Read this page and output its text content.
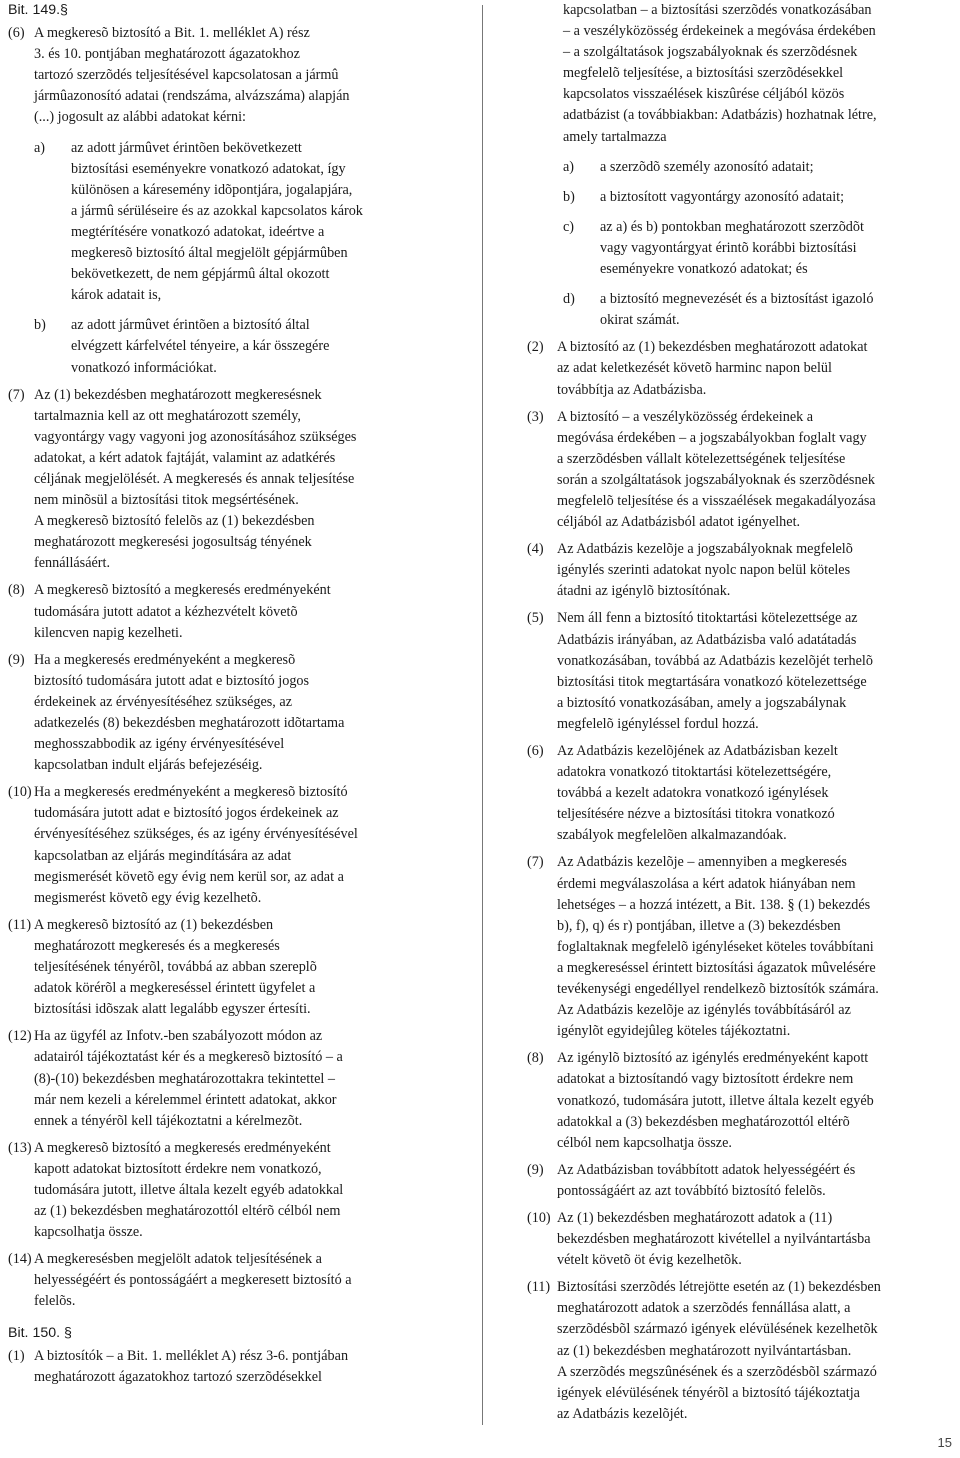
Bit. 149.§
(6) A megkeresõ biztosító a Bit. 1. melléklet A) rész
3. és 10. pontjában meghatározott ágazatokhoz
tartozó szerzõdés teljesítésével kapcsolatosan a jármû
jármûazonosító adatai (rendszáma, alvázszáma) alapján
(...) jogosult az alábbi adatokat kérni:
a)	az adott jármûvet érintõen bekövetkezett
biztosítási eseményekre vonatkozó adatokat, így
különösen a káresemény idõpontjára, jogalapjára,
a jármû sérüléseire és az azokkal kapcsolatos károk
megtérítésére vonatkozó adatokat, ideértve a
megkeresõ biztosító által megjelölt gépjármûben
bekövetkezett, de nem gépjármû által okozott
károk adatait is,
b)	az adott jármûvet érintõen a biztosító által
elvégzett kárfelvétel tényeire, a kár összegére
vonatkozó információkat.
(7) Az (1) bekezdésben meghatározott megkeresésnek
tartalmaznia kell az ott meghatározott személy,
vagyontárgy vagy vagyoni jog azonosításához szükséges
adatokat, a kért adatok fajtáját, valamint az adatkérés
céljának megjelölését. A megkeresés és annak teljesítése
nem minõsül a biztosítási titok megsértésének.
A megkeresõ biztosító felelõs az (1) bekezdésben
meghatározott megkeresési jogosultság tényének
fennállásáért.
(8) A megkeresõ biztosító a megkeresés eredményeként
tudomására jutott adatot a kézhezvételt követõ
kilencven napig kezelheti.
(9) Ha a megkeresés eredményeként a megkeresõ
biztosító tudomására jutott adat e biztosító jogos
érdekeinek az érvényesítéséhez szükséges, az
adatkezelés (8) bekezdésben meghatározott idõtartama
meghosszabbodik az igény érvényesítésével
kapcsolatban indult eljárás befejezéséig.
(10) Ha a megkeresés eredményeként a megkeresõ biztosító
tudomására jutott adat e biztosító jogos érdekeinek az
érvényesítéséhez szükséges, és az igény érvényesítésével
kapcsolatban az eljárás megindítására az adat
megismerését követõ egy évig nem kerül sor, az adat a
megismerést követõ egy évig kezelhetõ.
(11) A megkeresõ biztosító az (1) bekezdésben
meghatározott megkeresés és a megkeresés
teljesítésének tényérõl, továbbá az abban szereplõ
adatok körérõl a megkereséssel érintett ügyfelet a
biztosítási idõszak alatt legalább egyszer értesíti.
(12) Ha az ügyfél az Infotv.-ben szabályozott módon az
adatairól tájékoztatást kér és a megkeresõ biztosító – a
(8)-(10) bekezdésben meghatározottakra tekintettel –
már nem kezeli a kérelemmel érintett adatokat, akkor
ennek a tényérõl kell tájékoztatni a kérelmezõt.
(13) A megkeresõ biztosító a megkeresés eredményeként
kapott adatokat biztosított érdekre nem vonatkozó,
tudomására jutott, illetve általa kezelt egyéb adatokkal
az (1) bekezdésben meghatározottól eltérõ célból nem
kapcsolhatja össze.
(14) A megkeresésben megjelölt adatok teljesítésének a
helyességéért és pontosságáért a megkeresett biztosító a
felelõs.
Bit. 150. §
(1) A biztosítók – a Bit. 1. melléklet A) rész 3-6. pontjában
meghatározott ágazatokhoz tartozó szerzõdésekkel
kapcsolatban – a biztosítási szerzõdés vonatkozásában
– a veszélyközösség érdekeinek a megóvása érdekében
– a szolgáltatások jogszabályoknak és szerzõdésnek
megfelelõ teljesítése, a biztosítási szerzõdésekkel
kapcsolatos visszaélések kiszûrése céljából közös
adatbázist (a továbbiakban: Adatbázis) hozhatnak létre,
amely tartalmazza
a)	a szerzõdõ személy azonosító adatait;
b)	a biztosított vagyontárgy azonosító adatait;
c)	az a) és b) pontokban meghatározott szerzõdõt
vagy vagyontárgyat érintõ korábbi biztosítási
eseményekre vonatkozó adatokat; és
d)	a biztosító megnevezését és a biztosítást igazoló
okirat számát.
(2) A biztosító az (1) bekezdésben meghatározott adatokat
az adat keletkezését követõ harminc napon belül
továbbítja az Adatbázisba.
(3) A biztosító – a veszélyközösség érdekeinek a
megóvása érdekében – a jogszabályokban foglalt vagy
a szerzõdésben vállalt kötelezettségének teljesítése
során a szolgáltatások jogszabályoknak és szerzõdésnek
megfelelõ teljesítése és a visszaélések megakadályozása
céljából az Adatbázisból adatot igényelhet.
(4) Az Adatbázis kezelõje a jogszabályoknak megfelelõ
igénylés szerinti adatokat nyolc napon belül köteles
átadni az igénylõ biztosítónak.
(5) Nem áll fenn a biztosító titoktartási kötelezettsége az
Adatbázis irányában, az Adatbázisba való adatátadás
vonatkozásában, továbbá az Adatbázis kezelõjét terhelõ
biztosítási titok megtartására vonatkozó kötelezettsége
a biztosító vonatkozásában, amely a jogszabálynak
megfelelõ igényléssel fordul hozzá.
(6) Az Adatbázis kezelõjének az Adatbázisban kezelt
adatokra vonatkozó titoktartási kötelezettségére,
továbbá a kezelt adatokra vonatkozó igénylések
teljesítésére nézve a biztosítási titokra vonatkozó
szabályok megfelelõen alkalmazandóak.
(7) Az Adatbázis kezelõje – amennyiben a megkeresés
érdemi megválaszolása a kért adatok hiányában nem
lehetséges – a hozzá intézett, a Bit. 138. § (1) bekezdés
b), f), q) és r) pontjában, illetve a (3) bekezdésben
foglaltaknak megfelelõ igényléseket köteles továbbítani
a megkereséssel érintett biztosítási ágazatok mûvelésére
tevékenységi engedéllyel rendelkezõ biztosítók számára.
Az Adatbázis kezelõje az igénylés továbbításáról az
igénylõt egyidejûleg köteles tájékoztatni.
(8) Az igénylõ biztosító az igénylés eredményeként kapott
adatokat a biztosítandó vagy biztosított érdekre nem
vonatkozó, tudomására jutott, illetve általa kezelt egyéb
adatokkal a (3) bekezdésben meghatározottól eltérõ
célból nem kapcsolhatja össze.
(9) Az Adatbázisban továbbított adatok helyességéért és
pontosságáért az azt továbbító biztosító felelõs.
(10) Az (1) bekezdésben meghatározott adatok a (11)
bekezdésben meghatározott kivétellel a nyilvántartásba
vételt követõ öt évig kezelhetõk.
(11) Biztosítási szerzõdés létrejötte esetén az (1) bekezdésben
meghatározott adatok a szerzõdés fennállása alatt, a
szerzõdésbõl származó igények elévülésének kezelhetõk
az (1) bekezdésben meghatározott nyilvántartásban.
A szerzõdés megszûnésének és a szerzõdésbõl származó
igények elévülésének tényérõl a biztosító tájékoztatja
az Adatbázis kezelõjét.
15
